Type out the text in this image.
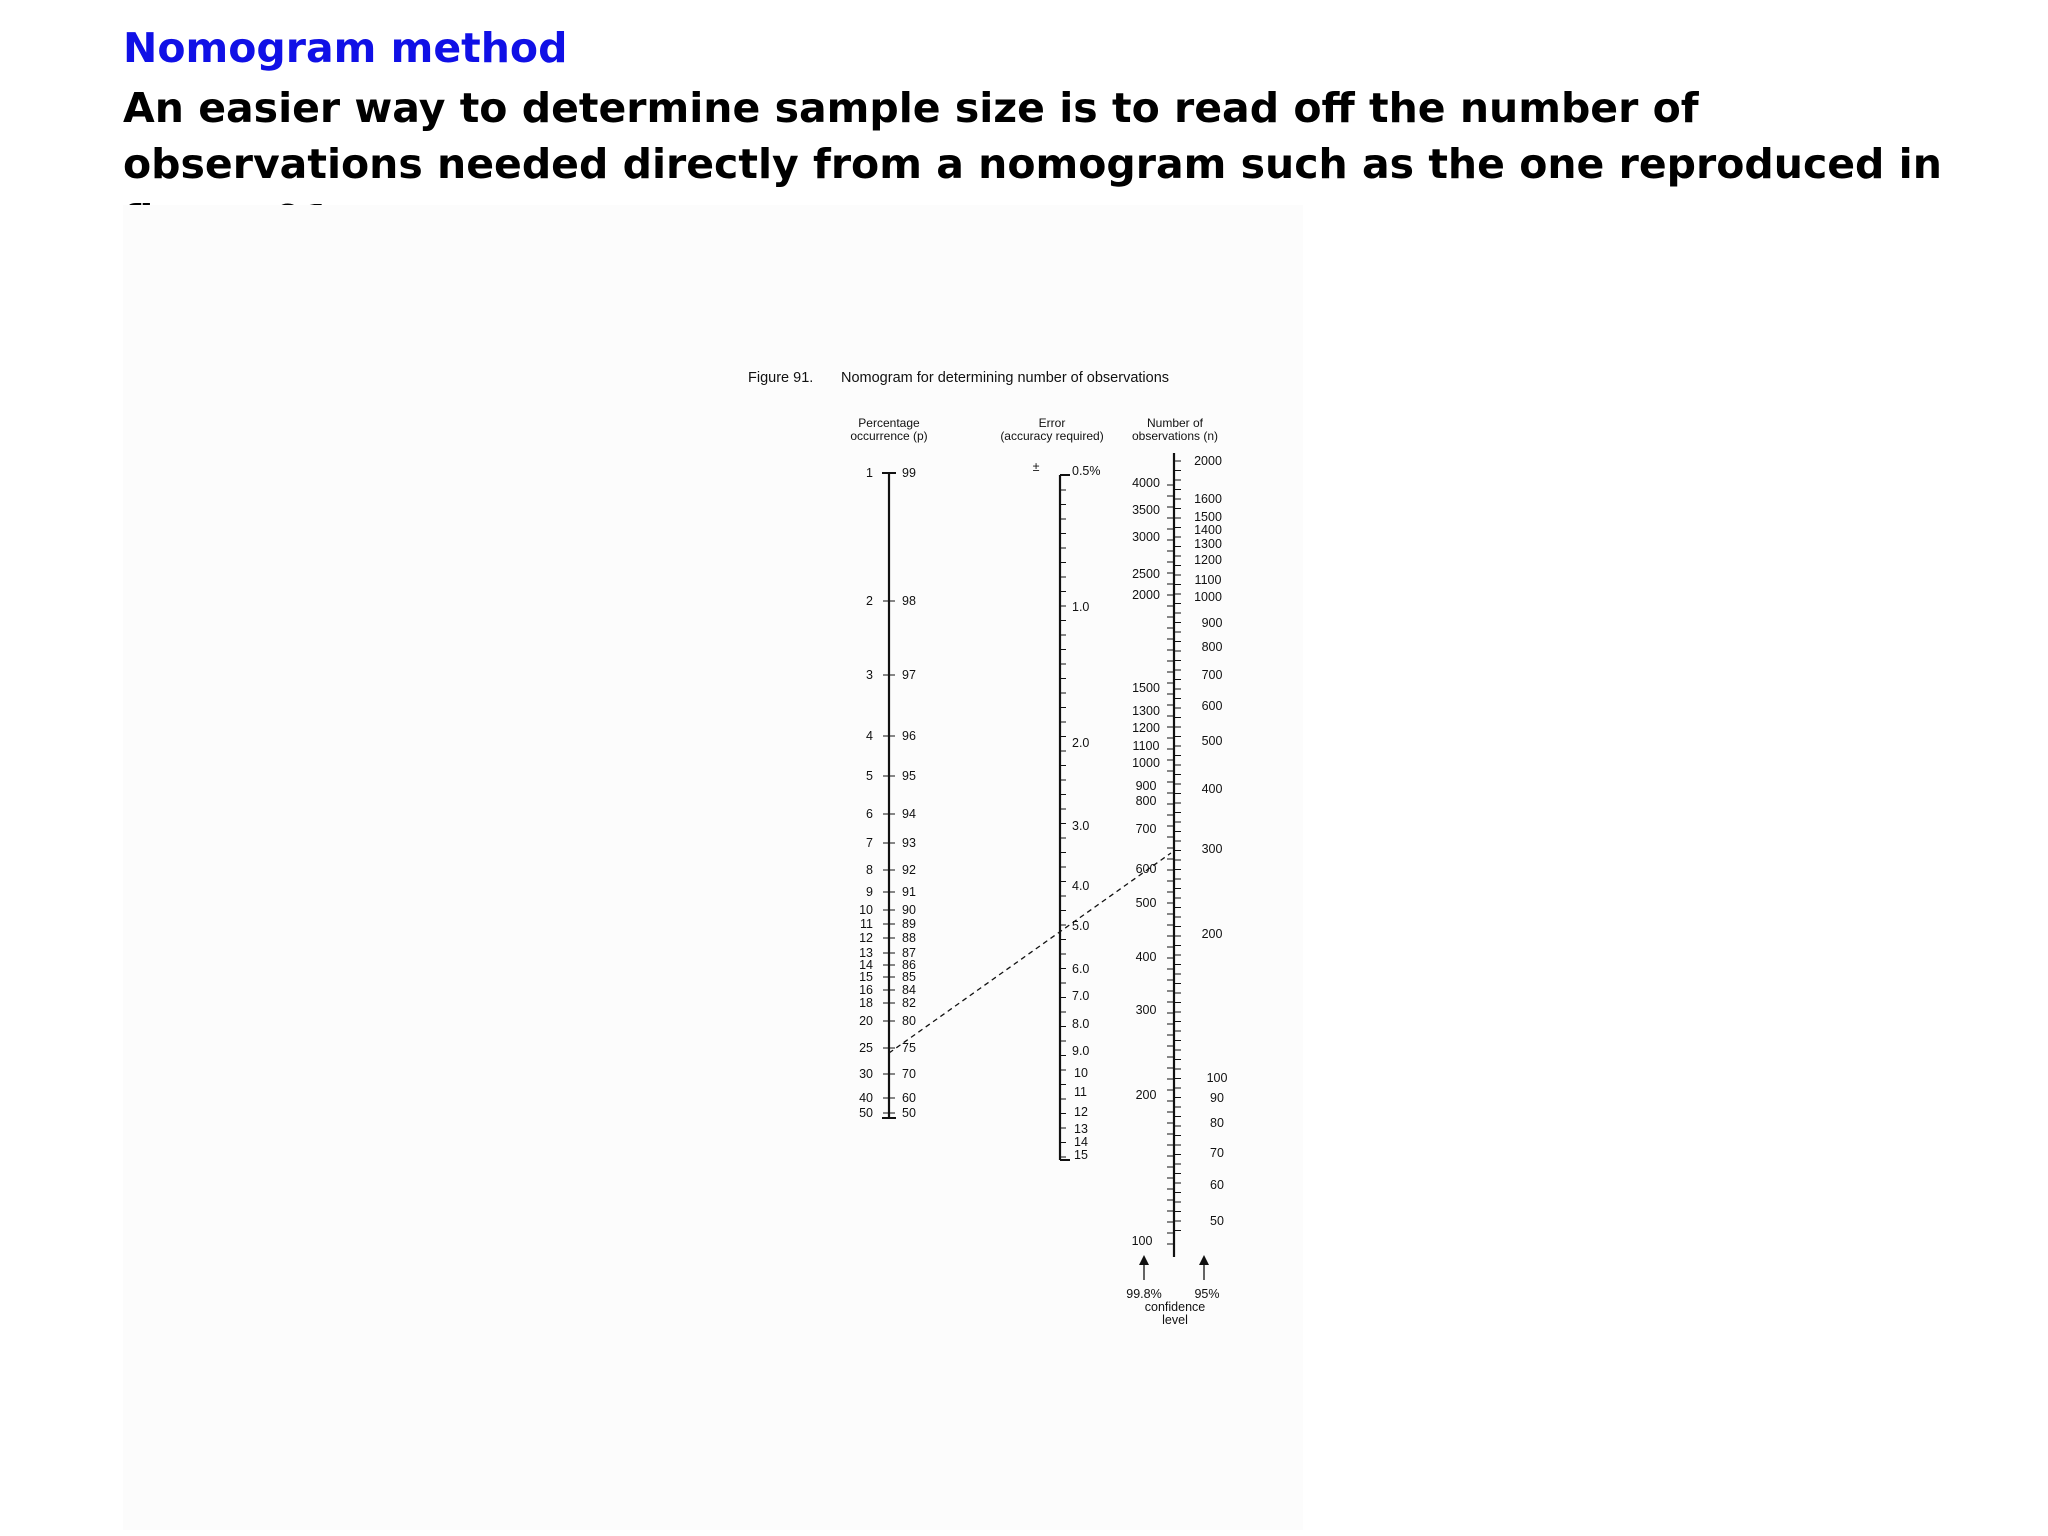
Nomogram method

An easier way to determine sample size is to read off the number of observations needed directly from a nomogram such as the one reproduced in

Figure 91. Nomogram for determining number of observations
Percentage
occurrence (p)
Error
(accuracy required)
Number of
observations (n)
±
1
2
3
4
5
6
7
8
9
10
11
12
13
14
15
16
18
20
25
30
40
50
99
98
97
96
95
94
93
92
91
90
89
88
87
86
85
84
82
80
75
70
60
50
0.5%
1.0
2.0
3.0
4.0
5.0
6.0
7.0
8.0
9.0
10
11
12
13
14
15
4000
3500
3000
2500
2000
1500
1300
1200
1100
1000
900
800
700
600
500
400
300
200
100
2000
1600
1500
1400
1300
1200
1100
1000
900
800
700
600
500
400
300
200
100
90
80
70
60
50
99.8%	95%
confidence
level
